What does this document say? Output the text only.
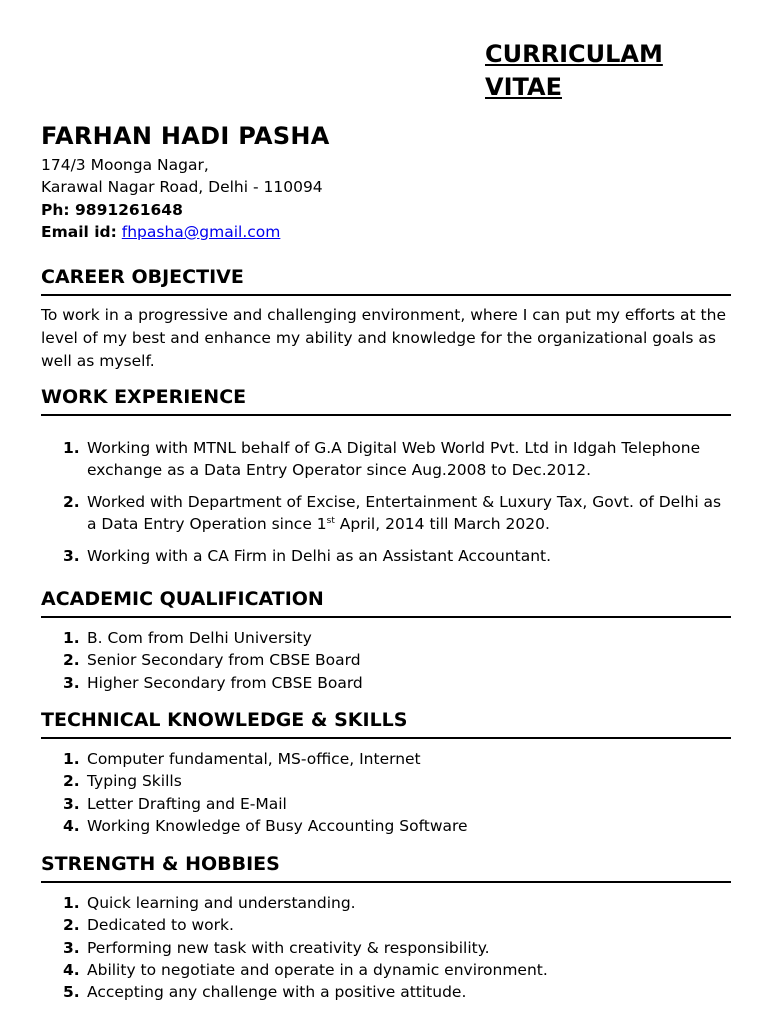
CURRICULAM VITAE
FARHAN HADI PASHA
174/3 Moonga Nagar,
Karawal Nagar Road, Delhi - 110094
Ph: 9891261648
Email id: fhpasha@gmail.com
CAREER OBJECTIVE

To work in a progressive and challenging environment, where I can put my efforts at the level of my best and enhance my ability and knowledge for the organizational goals as well as myself.

WORK EXPERIENCE
1. Working with MTNL behalf of G.A Digital Web World Pvt. Ltd in Idgah Telephone exchange as a Data Entry Operator since Aug.2008 to Dec.2012.
2. Worked with Department of Excise, Entertainment & Luxury Tax, Govt. of Delhi as a Data Entry Operation since 1st April, 2014 till March 2020.
3. Working with a CA Firm in Delhi as an Assistant Accountant.
ACADEMIC QUALIFICATION
1. B. Com from Delhi University
2. Senior Secondary from CBSE Board
3. Higher Secondary from CBSE Board
TECHNICAL KNOWLEDGE & SKILLS
1. Computer fundamental, MS-office, Internet
2. Typing Skills
3. Letter Drafting and E-Mail
4. Working Knowledge of Busy Accounting Software
STRENGTH & HOBBIES
1. Quick learning and understanding.
2. Dedicated to work.
3. Performing new task with creativity & responsibility.
4. Ability to negotiate and operate in a dynamic environment.
5. Accepting any challenge with a positive attitude.
